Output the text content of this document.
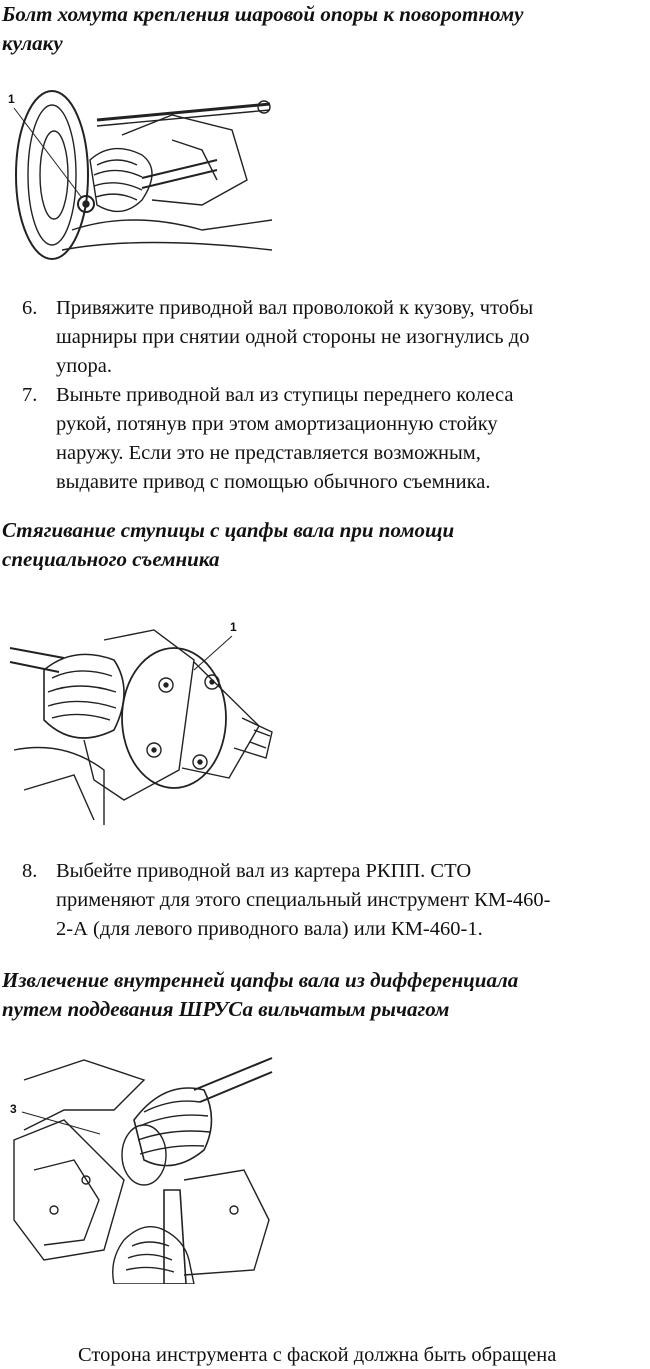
Болт хомута крепления шаровой опоры к поворотному
кулаку

1
6. Привяжите приводной вал проволокой к кузову, чтобы
шарниры при снятии одной стороны не изогнулись до
упора.
7. Выньте приводной вал из ступицы переднего колеса
рукой, потянув при этом амортизационную стойку
наружу. Если это не представляется возможным,
выдавите привод с помощью обычного съемника.

Стягивание ступицы с цапфы вала при помощи
специального съемника

1
8. Выбейте приводной вал из картера РКПП. СТО
применяют для этого специальный инструмент КМ-460-
2-А (для левого приводного вала) или КМ-460-1.

Извлечение внутренней цапфы вала из дифференциала
путем поддевания ШРУСа вильчатым рычагом

3

Сторона инструмента с фаской должна быть обращена
